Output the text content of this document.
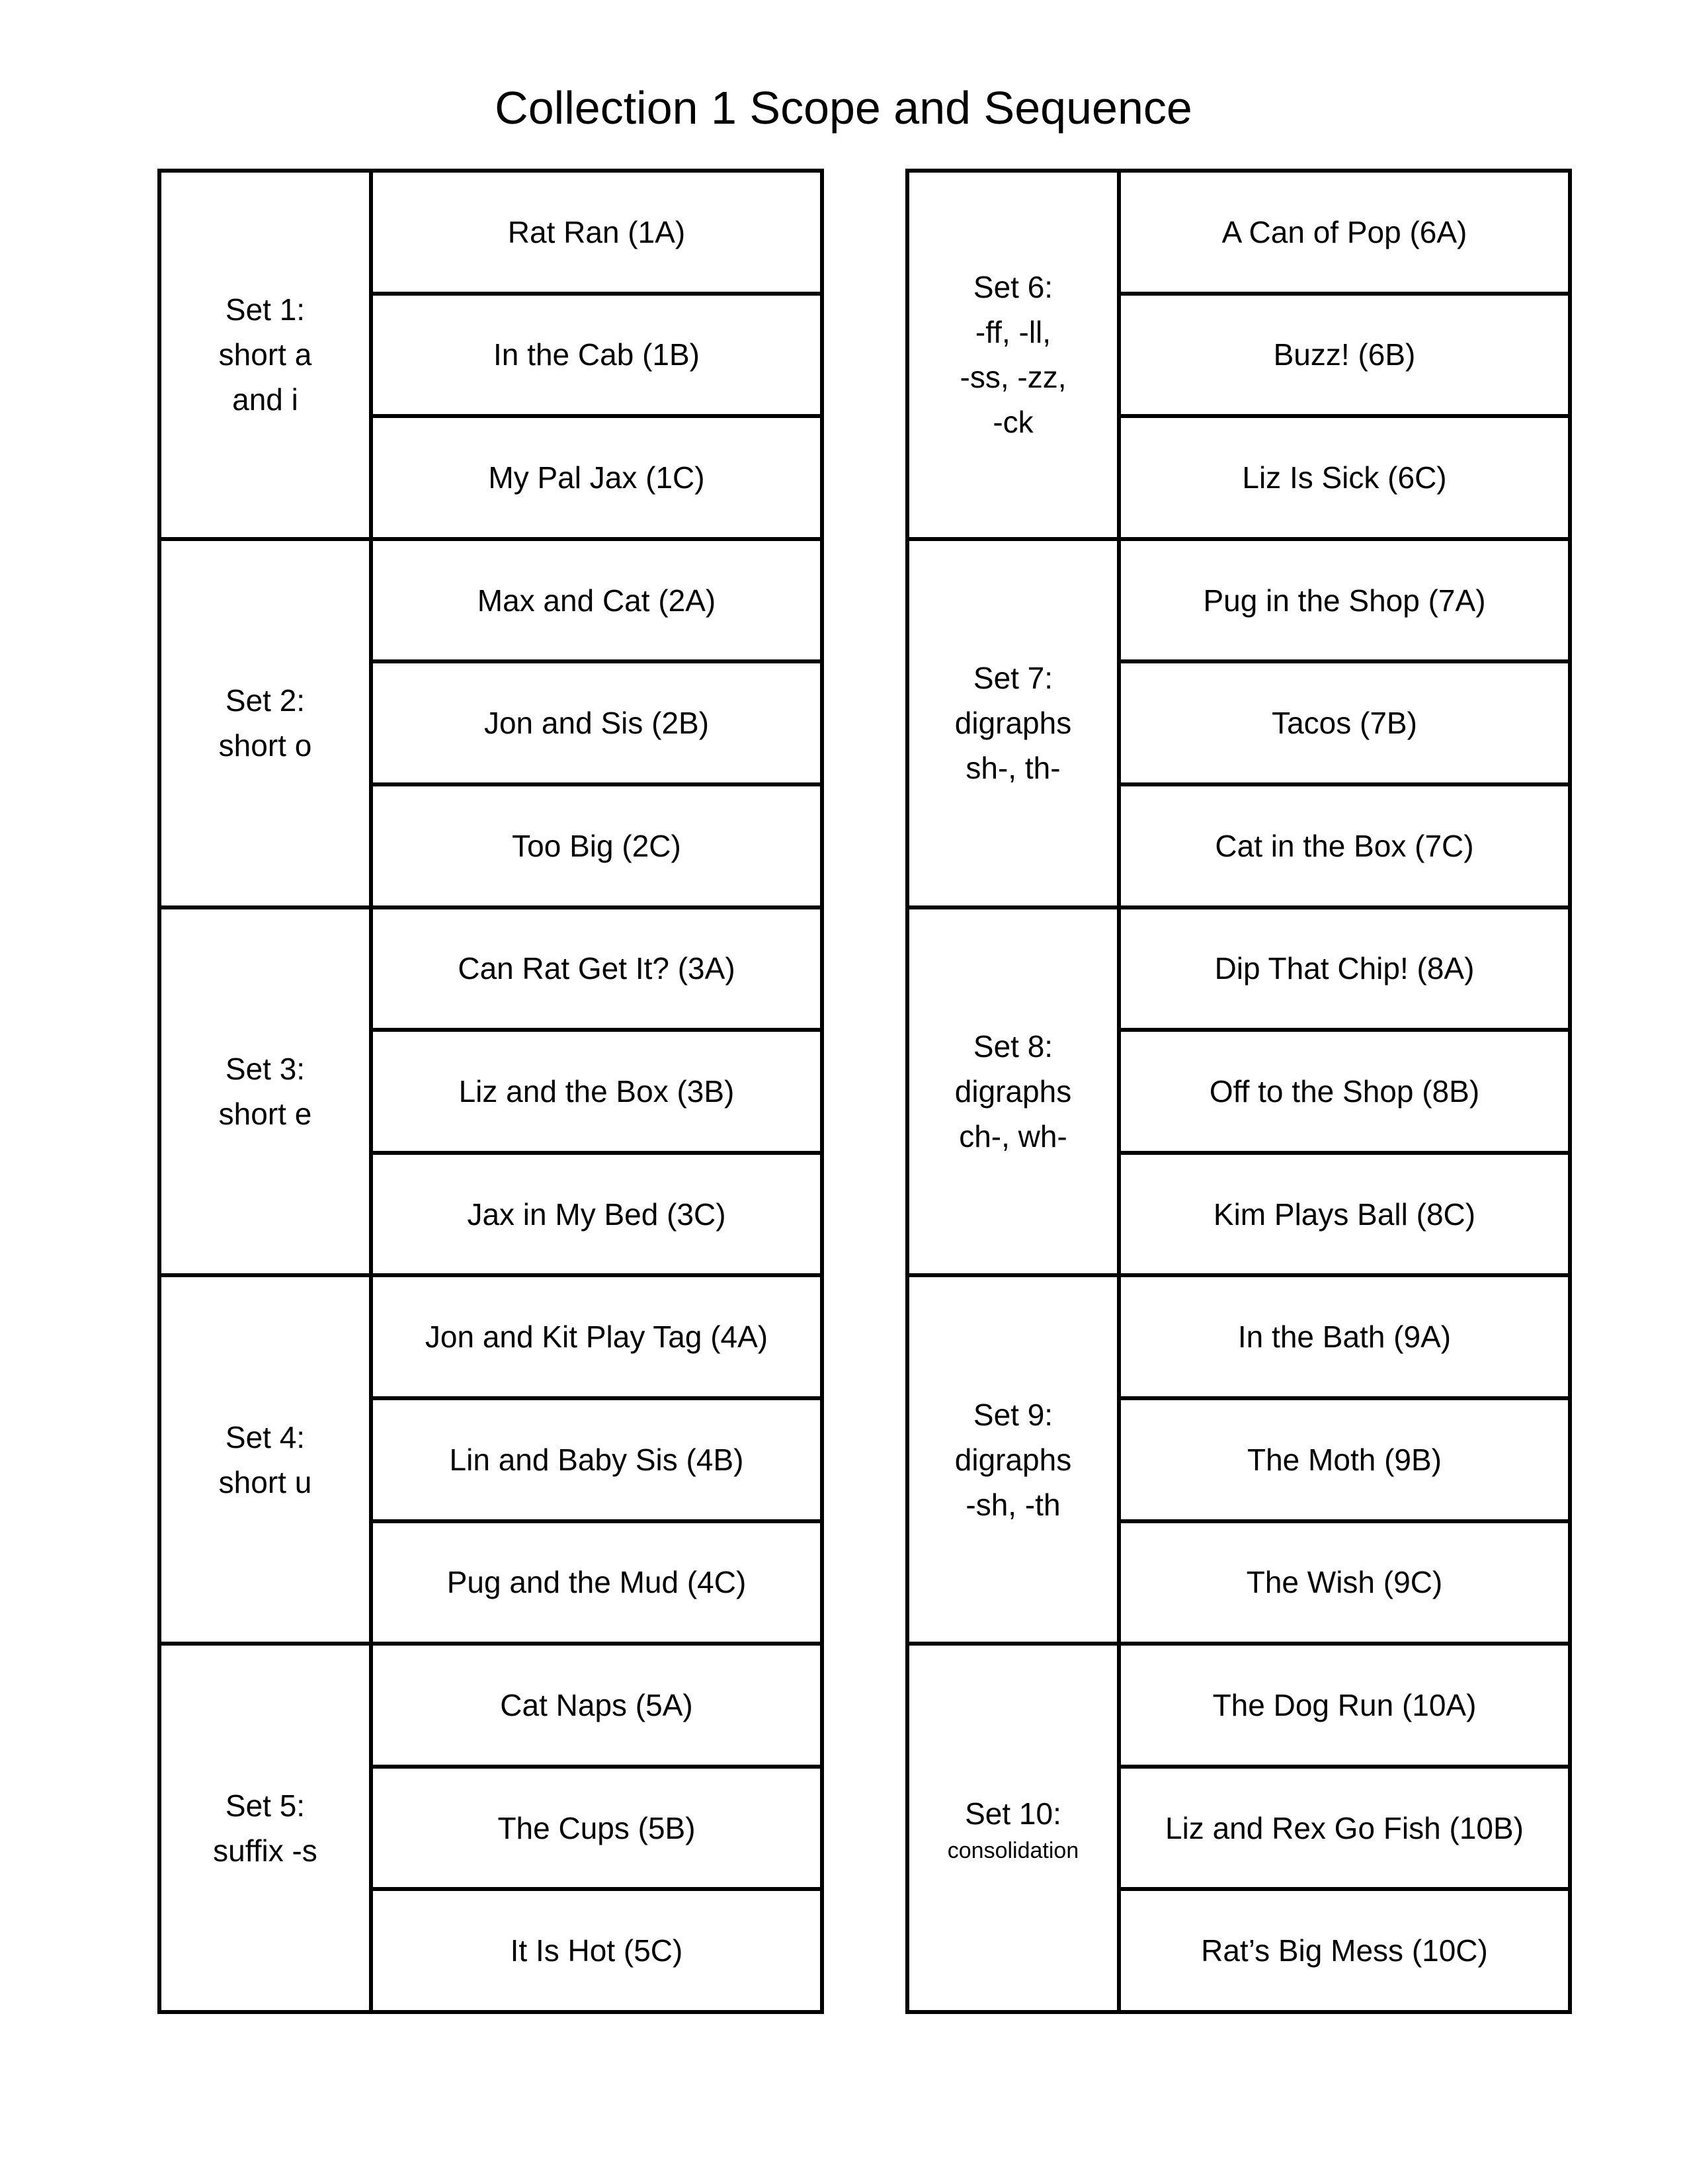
Collection 1 Scope and Sequence

Set 1:
short a
and i

Rat Ran (1A)
In the Cab (1B)
My Pal Jax (1C)

Set 2:
short o

Max and Cat (2A)
Jon and Sis (2B)
Too Big (2C)

Set 3:
short e

Can Rat Get It? (3A)
Liz and the Box (3B)
Jax in My Bed (3C)

Set 4:
short u

Jon and Kit Play Tag (4A)
Lin and Baby Sis (4B)
Pug and the Mud (4C)

Set 5:
suffix -s

Cat Naps (5A)
The Cups (5B)
It Is Hot (5C)

Set 6:
-ff, -ll,
-ss, -zz,
-ck

A Can of Pop (6A)
Buzz! (6B)
Liz Is Sick (6C)

Set 7:
digraphs
sh-, th-

Pug in the Shop (7A)
Tacos (7B)
Cat in the Box (7C)

Set 8:
digraphs
ch-, wh-

Dip That Chip! (8A)
Off to the Shop (8B)
Kim Plays Ball (8C)

Set 9:
digraphs
-sh, -th

In the Bath (9A)
The Moth (9B)
The Wish (9C)

Set 10:

consolidation

The Dog Run (10A)
Liz and Rex Go Fish (10B)
Rat’s Big Mess (10C)
